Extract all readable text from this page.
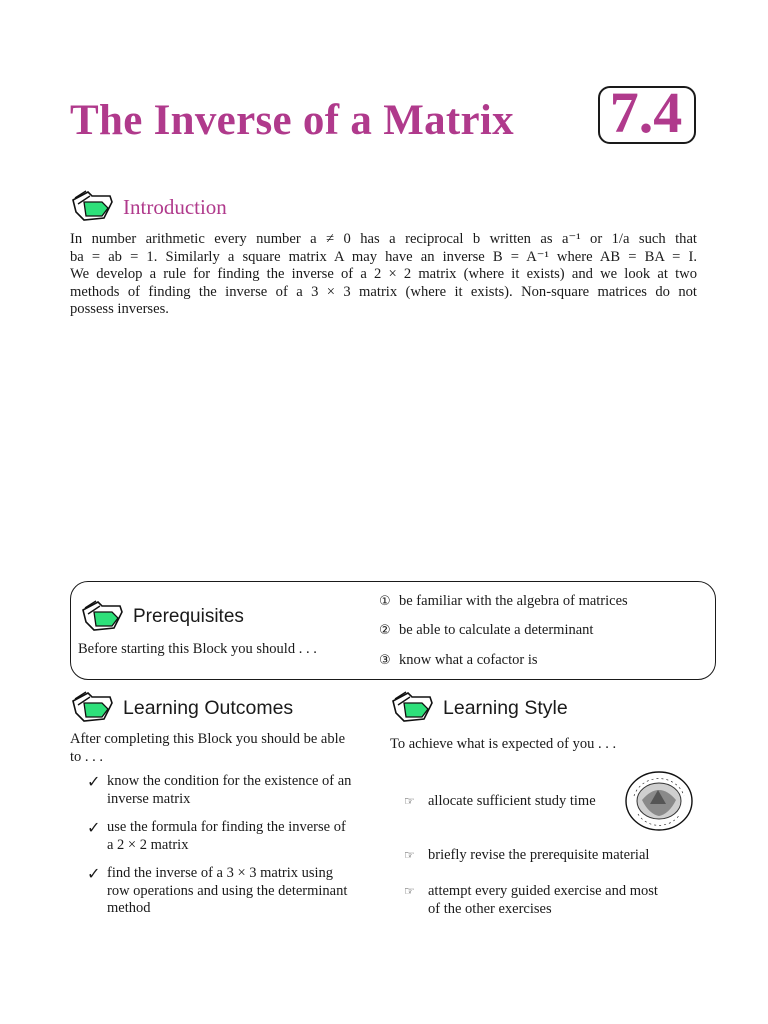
The Inverse of a Matrix 7.4
Introduction
In number arithmetic every number a ≠ 0 has a reciprocal b written as a⁻¹ or 1/a such that
ba = ab = 1. Similarly a square matrix A may have an inverse B = A⁻¹ where AB = BA = I.
We develop a rule for finding the inverse of a 2 × 2 matrix (where it exists) and we look at two
methods of finding the inverse of a 3 × 3 matrix (where it exists). Non-square matrices do not
possess inverses.
Prerequisites
Before starting this Block you should . . .
① be familiar with the algebra of matrices
② be able to calculate a determinant
③ know what a cofactor is
Learning Outcomes
After completing this Block you should be able
to . . .
✓ know the condition for the existence of an
inverse matrix
✓ use the formula for finding the inverse of
a 2 × 2 matrix
✓ find the inverse of a 3 × 3 matrix using
row operations and using the determinant
method
Learning Style
To achieve what is expected of you . . .
☞ allocate sufficient study time
☞ briefly revise the prerequisite material
☞ attempt every guided exercise and most
of the other exercises
